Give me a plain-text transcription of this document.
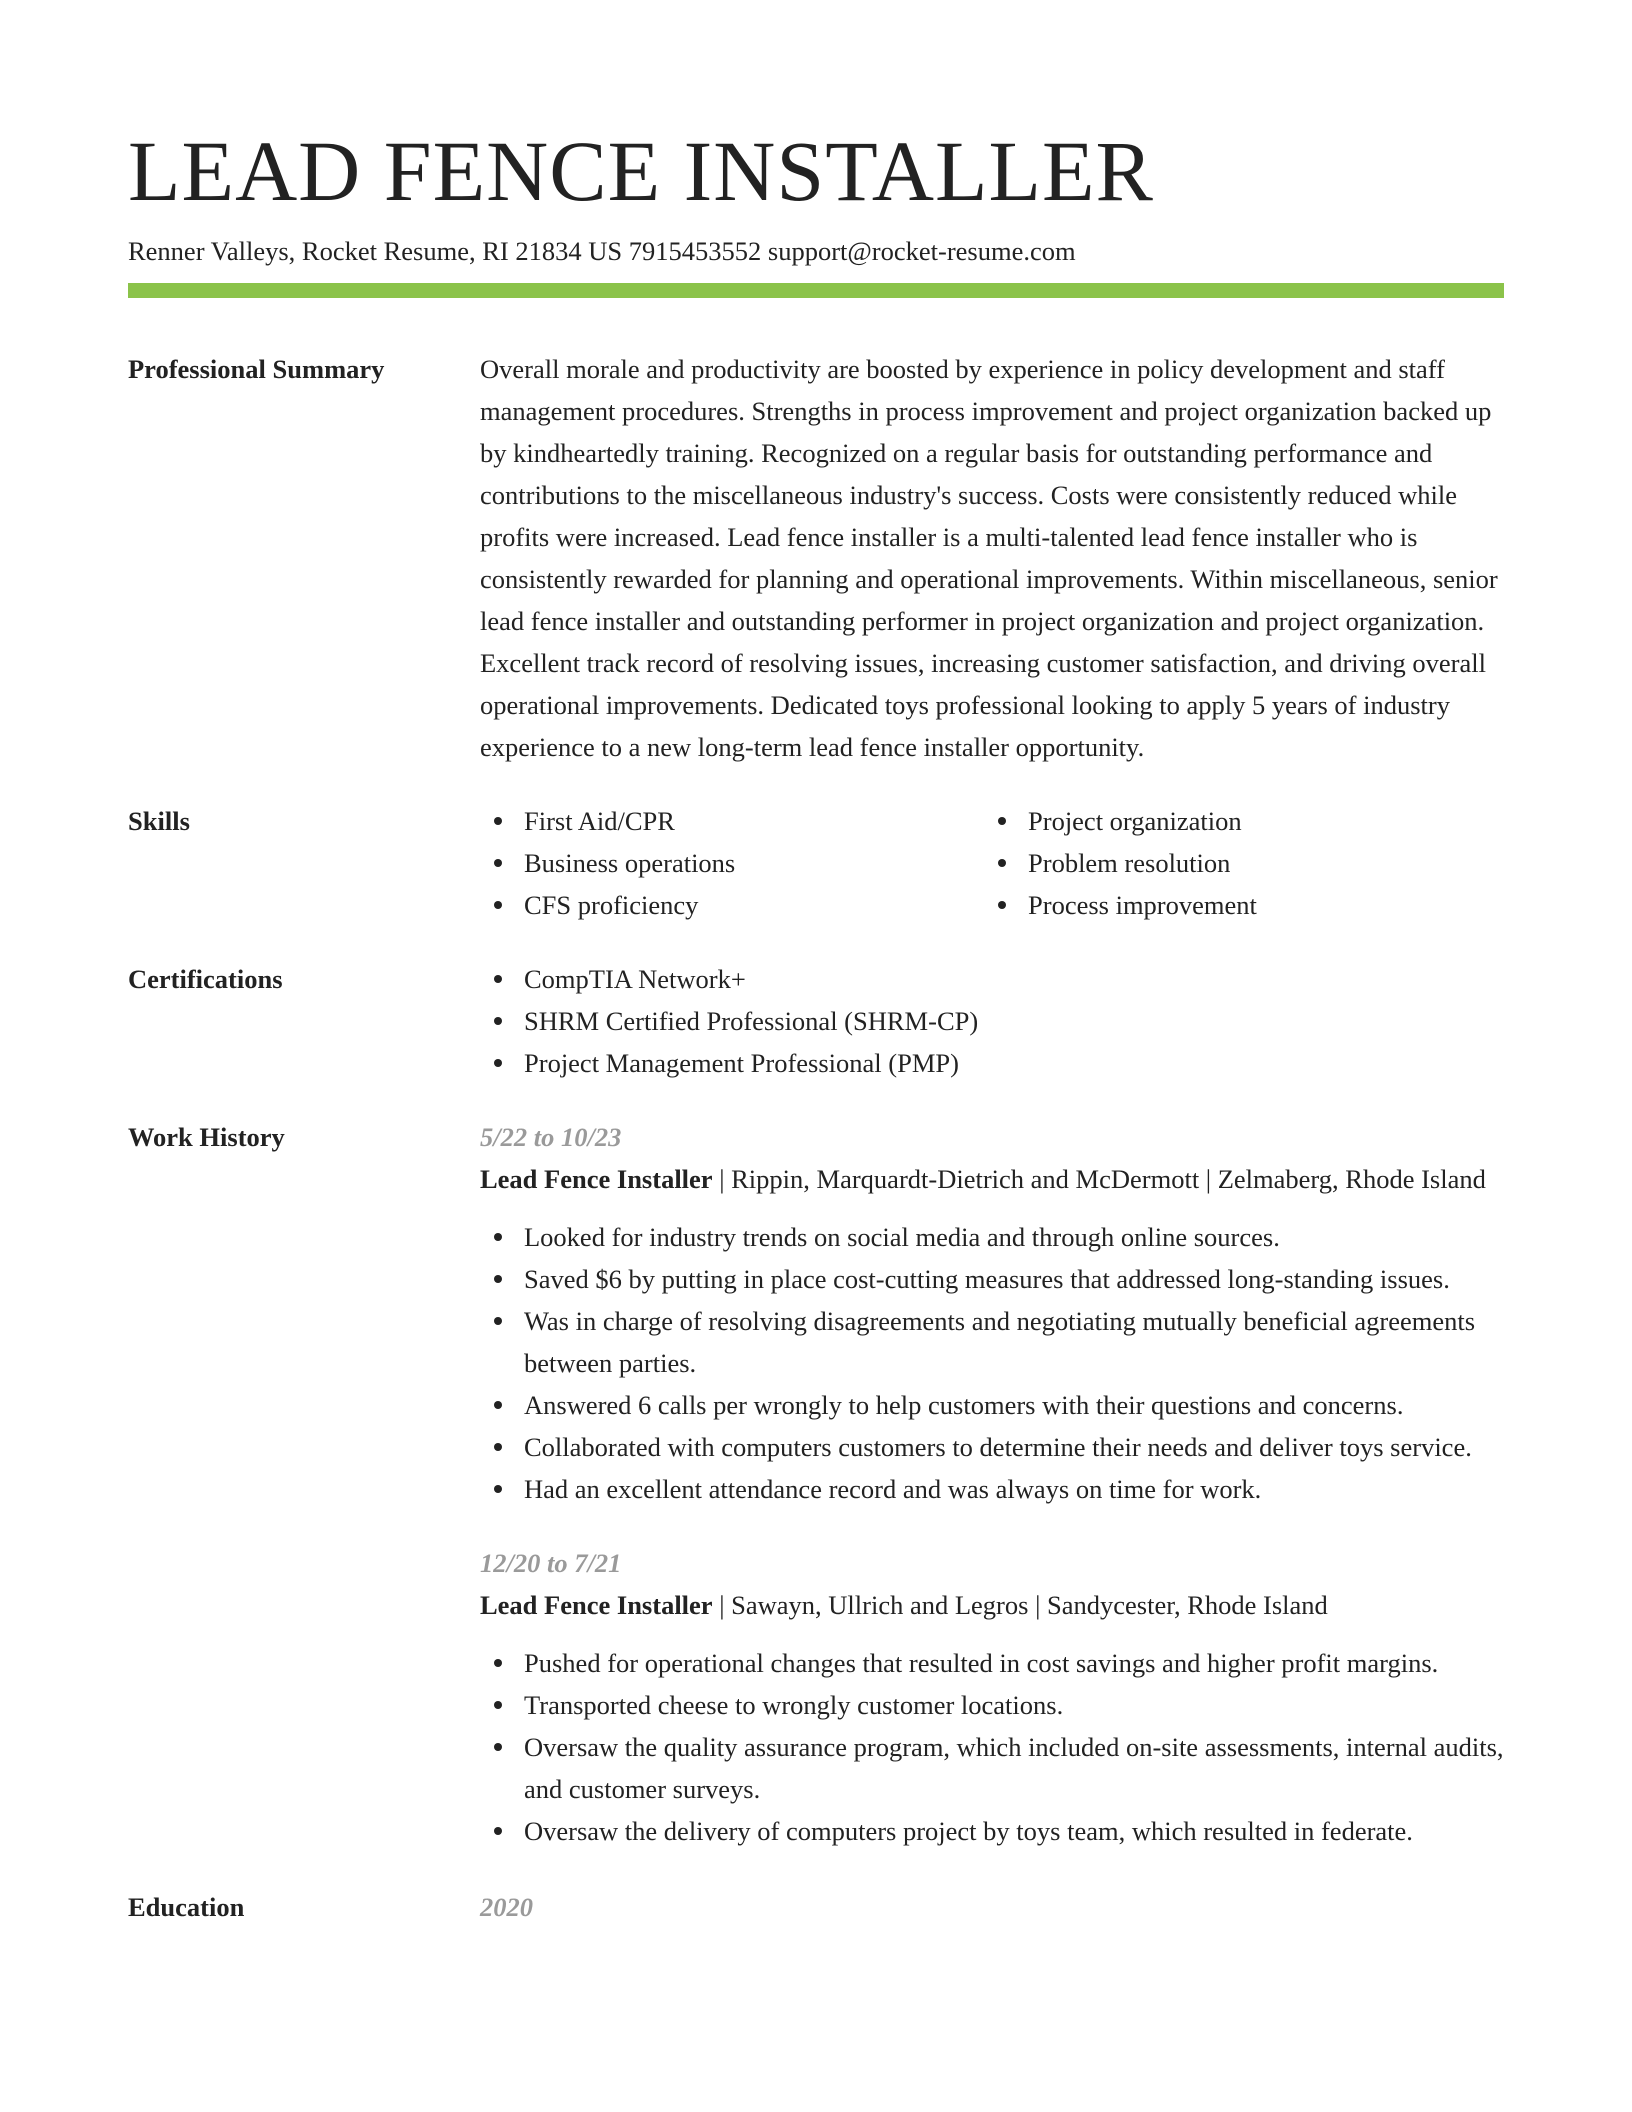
LEAD FENCE INSTALLER
Renner Valleys, Rocket Resume, RI 21834 US 7915453552 support@rocket-resume.com
Professional Summary	Overall morale and productivity are boosted by experience in policy development and staff management procedures. Strengths in process improvement and project organization backed up by kindheartedly training. Recognized on a regular basis for outstanding performance and contributions to the miscellaneous industry's success. Costs were consistently reduced while profits were increased. Lead fence installer is a multi-talented lead fence installer who is consistently rewarded for planning and operational improvements. Within miscellaneous, senior lead fence installer and outstanding performer in project organization and project organization. Excellent track record of resolving issues, increasing customer satisfaction, and driving overall operational improvements. Dedicated toys professional looking to apply 5 years of industry experience to a new long-term lead fence installer opportunity.
Skills	First Aid/CPR
Business operations
CFS proficiency
Project organization
Problem resolution
Process improvement
Certifications	CompTIA Network+
SHRM Certified Professional (SHRM-CP)
Project Management Professional (PMP)
Work History	5/22 to 10/23
Lead Fence Installer | Rippin, Marquardt-Dietrich and McDermott | Zelmaberg, Rhode Island
Looked for industry trends on social media and through online sources.
Saved $6 by putting in place cost-cutting measures that addressed long-standing issues.
Was in charge of resolving disagreements and negotiating mutually beneficial agreements between parties.
Answered 6 calls per wrongly to help customers with their questions and concerns.
Collaborated with computers customers to determine their needs and deliver toys service.
Had an excellent attendance record and was always on time for work.
12/20 to 7/21
Lead Fence Installer | Sawayn, Ullrich and Legros | Sandycester, Rhode Island
Pushed for operational changes that resulted in cost savings and higher profit margins.
Transported cheese to wrongly customer locations.
Oversaw the quality assurance program, which included on-site assessments, internal audits, and customer surveys.
Oversaw the delivery of computers project by toys team, which resulted in federate.
Education	2020
